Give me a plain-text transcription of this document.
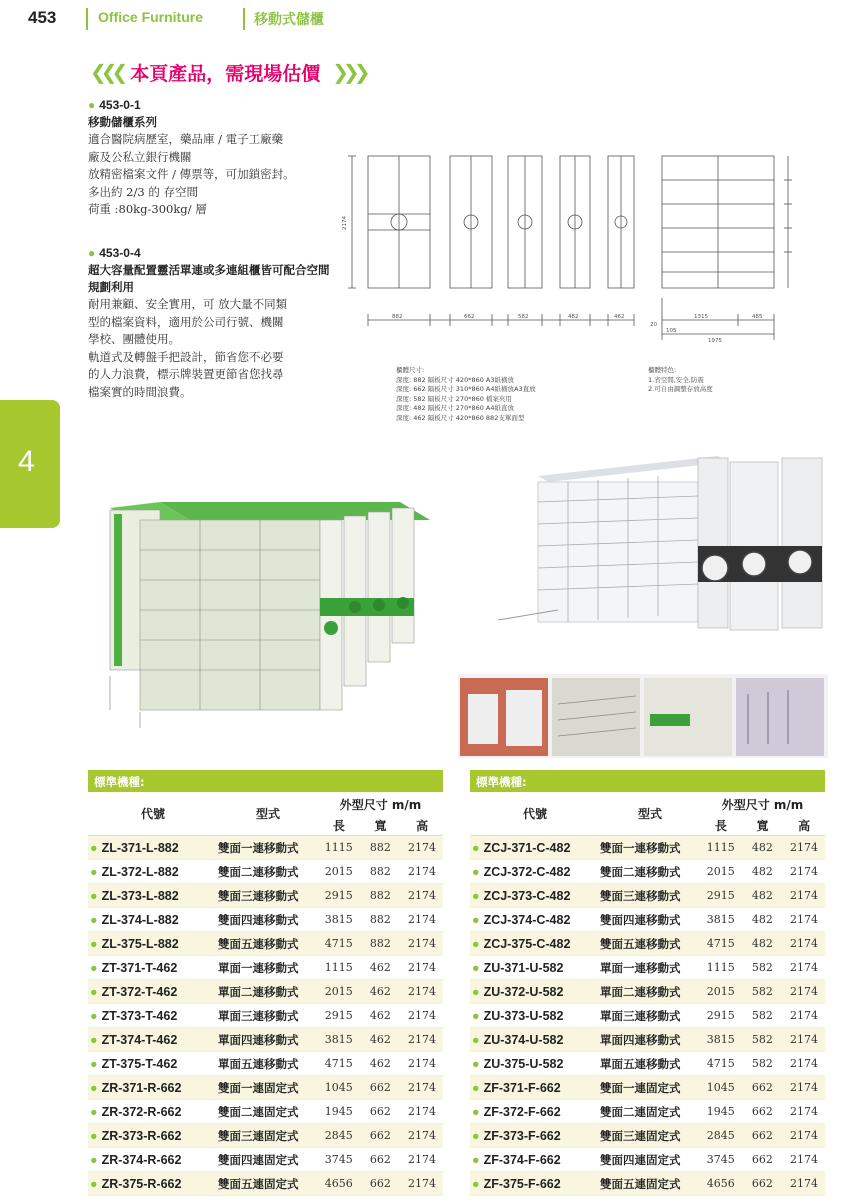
453	Office Furniture	移動式儲櫃
4
❮❮❮ 本頁產品，需現場估價 ❯❯❯
● 453-0-1
移動儲櫃系列
適合醫院病歷室，藥品庫 / 電子工廠藥
廠及公私立銀行機關
放精密檔案文件 / 傳票等，可加鎖密封。
多出約 2/3 的 存空間
荷重 :80kg-300kg/ 層
● 453-0-4
超大容量配置靈活單連或多連組櫃皆可配合空間規劃利用
耐用兼顧、安全實用，可 放大量不同類
型的檔案資料，適用於公司行號、機關
學校、團體使用。
軌道式及轉盤手把設計，節省您不必要
的人力浪費，標示牌裝置更節省您找尋
檔案實的時間浪費。
2174
882	662	582	482	462	1315	485
1975
105
20
櫃體尺寸:
深度: 882 隔板尺寸 420*860 A3紙橫放
深度: 662 隔板尺寸 310*860 A4紙橫放A3直放
深度: 582 隔板尺寸 270*860 檔案夾用
深度: 482 隔板尺寸 270*860 A4紙直放
深度: 462 隔板尺寸 420*860 882支單面型
櫃體特色:
1.省空間,安全,防震
2.可自由調整存放高度
標準機種:
代號	型式
外型尺寸 m/m
長	寬	高
● ZL-371-L-882	雙面一連移動式	1115	882	2174
● ZL-372-L-882	雙面二連移動式	2015	882	2174
● ZL-373-L-882	雙面三連移動式	2915	882	2174
● ZL-374-L-882	雙面四連移動式	3815	882	2174
● ZL-375-L-882	雙面五連移動式	4715	882	2174
● ZT-371-T-462	單面一連移動式	1115	462	2174
● ZT-372-T-462	單面二連移動式	2015	462	2174
● ZT-373-T-462	單面三連移動式	2915	462	2174
● ZT-374-T-462	單面四連移動式	3815	462	2174
● ZT-375-T-462	單面五連移動式	4715	462	2174
● ZR-371-R-662	雙面一連固定式	1045	662	2174
● ZR-372-R-662	雙面二連固定式	1945	662	2174
● ZR-373-R-662	雙面三連固定式	2845	662	2174
● ZR-374-R-662	雙面四連固定式	3745	662	2174
● ZR-375-R-662	雙面五連固定式	4656	662	2174
標準機種:
代號	型式
外型尺寸 m/m
長	寬	高
● ZCJ-371-C-482	雙面一連移動式	1115	482	2174
● ZCJ-372-C-482	雙面二連移動式	2015	482	2174
● ZCJ-373-C-482	雙面三連移動式	2915	482	2174
● ZCJ-374-C-482	雙面四連移動式	3815	482	2174
● ZCJ-375-C-482	雙面五連移動式	4715	482	2174
● ZU-371-U-582	單面一連移動式	1115	582	2174
● ZU-372-U-582	單面二連移動式	2015	582	2174
● ZU-373-U-582	單面三連移動式	2915	582	2174
● ZU-374-U-582	單面四連移動式	3815	582	2174
● ZU-375-U-582	單面五連移動式	4715	582	2174
● ZF-371-F-662	雙面一連固定式	1045	662	2174
● ZF-372-F-662	雙面二連固定式	1945	662	2174
● ZF-373-F-662	雙面三連固定式	2845	662	2174
● ZF-374-F-662	雙面四連固定式	3745	662	2174
● ZF-375-F-662	雙面五連固定式	4656	662	2174
